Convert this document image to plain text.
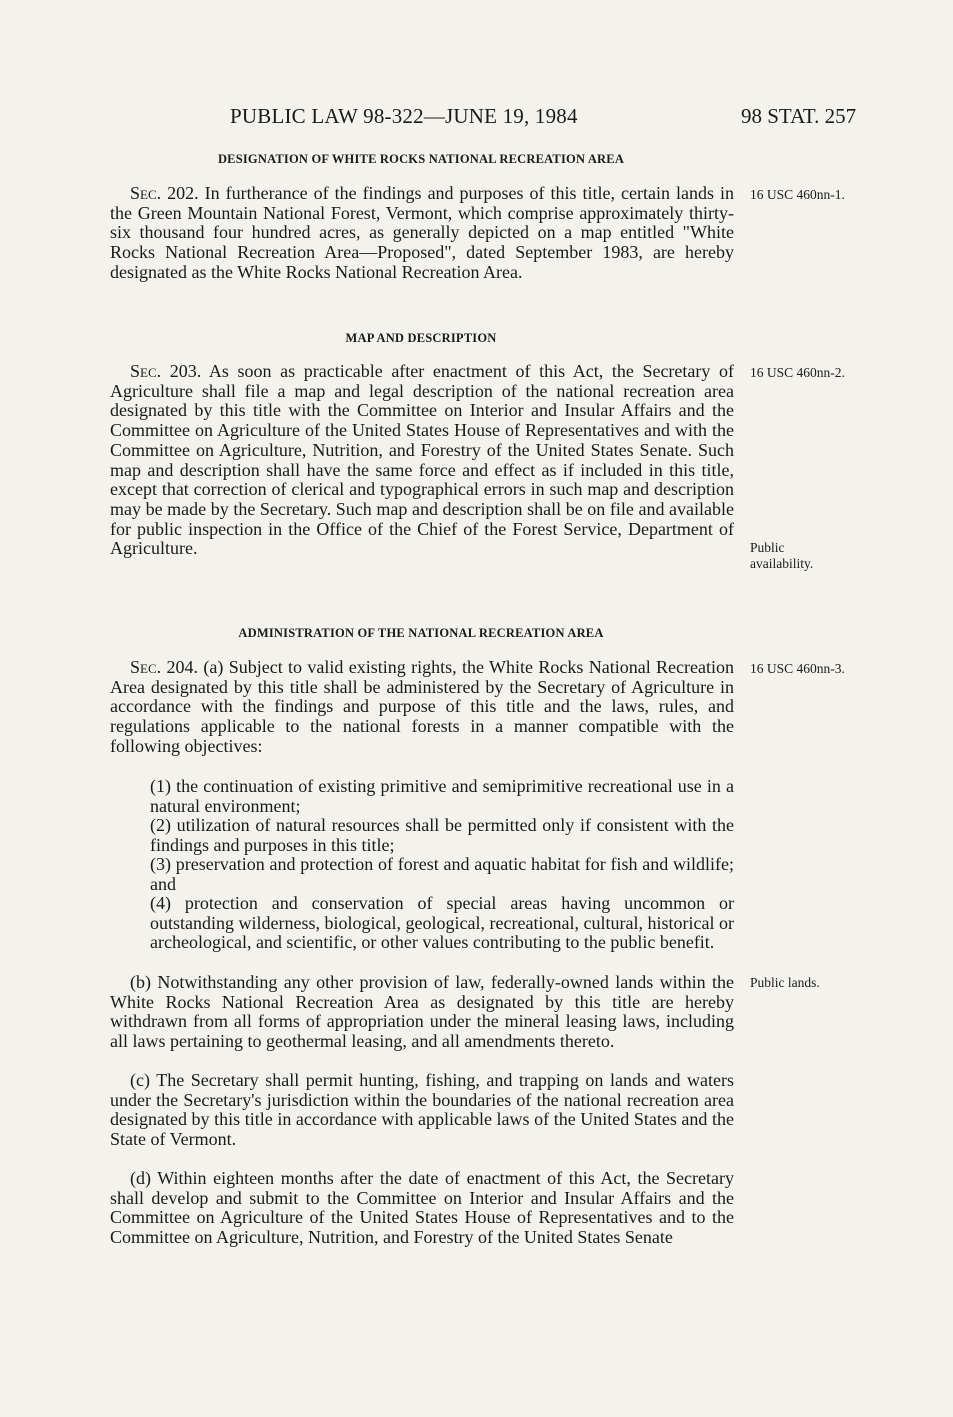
PUBLIC LAW 98-322—JUNE 19, 1984	98 STAT. 257
DESIGNATION OF WHITE ROCKS NATIONAL RECREATION AREA
Sec. 202. In furtherance of the findings and purposes of this title, certain lands in the Green Mountain National Forest, Vermont, which comprise approximately thirty-six thousand four hundred acres, as generally depicted on a map entitled "White Rocks National Recreation Area—Proposed", dated September 1983, are hereby designated as the White Rocks National Recreation Area.
16 USC 460nn-1.
MAP AND DESCRIPTION
Sec. 203. As soon as practicable after enactment of this Act, the Secretary of Agriculture shall file a map and legal description of the national recreation area designated by this title with the Committee on Interior and Insular Affairs and the Committee on Agriculture of the United States House of Representatives and with the Committee on Agriculture, Nutrition, and Forestry of the United States Senate. Such map and description shall have the same force and effect as if included in this title, except that correction of clerical and typographical errors in such map and description may be made by the Secretary. Such map and description shall be on file and available for public inspection in the Office of the Chief of the Forest Service, Department of Agriculture.
16 USC 460nn-2.
Public availability.
ADMINISTRATION OF THE NATIONAL RECREATION AREA
Sec. 204. (a) Subject to valid existing rights, the White Rocks National Recreation Area designated by this title shall be administered by the Secretary of Agriculture in accordance with the findings and purpose of this title and the laws, rules, and regulations applicable to the national forests in a manner compatible with the following objectives:
16 USC 460nn-3.
(1) the continuation of existing primitive and semiprimitive recreational use in a natural environment;
(2) utilization of natural resources shall be permitted only if consistent with the findings and purposes in this title;
(3) preservation and protection of forest and aquatic habitat for fish and wildlife; and
(4) protection and conservation of special areas having uncommon or outstanding wilderness, biological, geological, recreational, cultural, historical or archeological, and scientific, or other values contributing to the public benefit.
(b) Notwithstanding any other provision of law, federally-owned lands within the White Rocks National Recreation Area as designated by this title are hereby withdrawn from all forms of appropriation under the mineral leasing laws, including all laws pertaining to geothermal leasing, and all amendments thereto.
Public lands.
(c) The Secretary shall permit hunting, fishing, and trapping on lands and waters under the Secretary's jurisdiction within the boundaries of the national recreation area designated by this title in accordance with applicable laws of the United States and the State of Vermont.
(d) Within eighteen months after the date of enactment of this Act, the Secretary shall develop and submit to the Committee on Interior and Insular Affairs and the Committee on Agriculture of the United States House of Representatives and to the Committee on Agriculture, Nutrition, and Forestry of the United States Senate
